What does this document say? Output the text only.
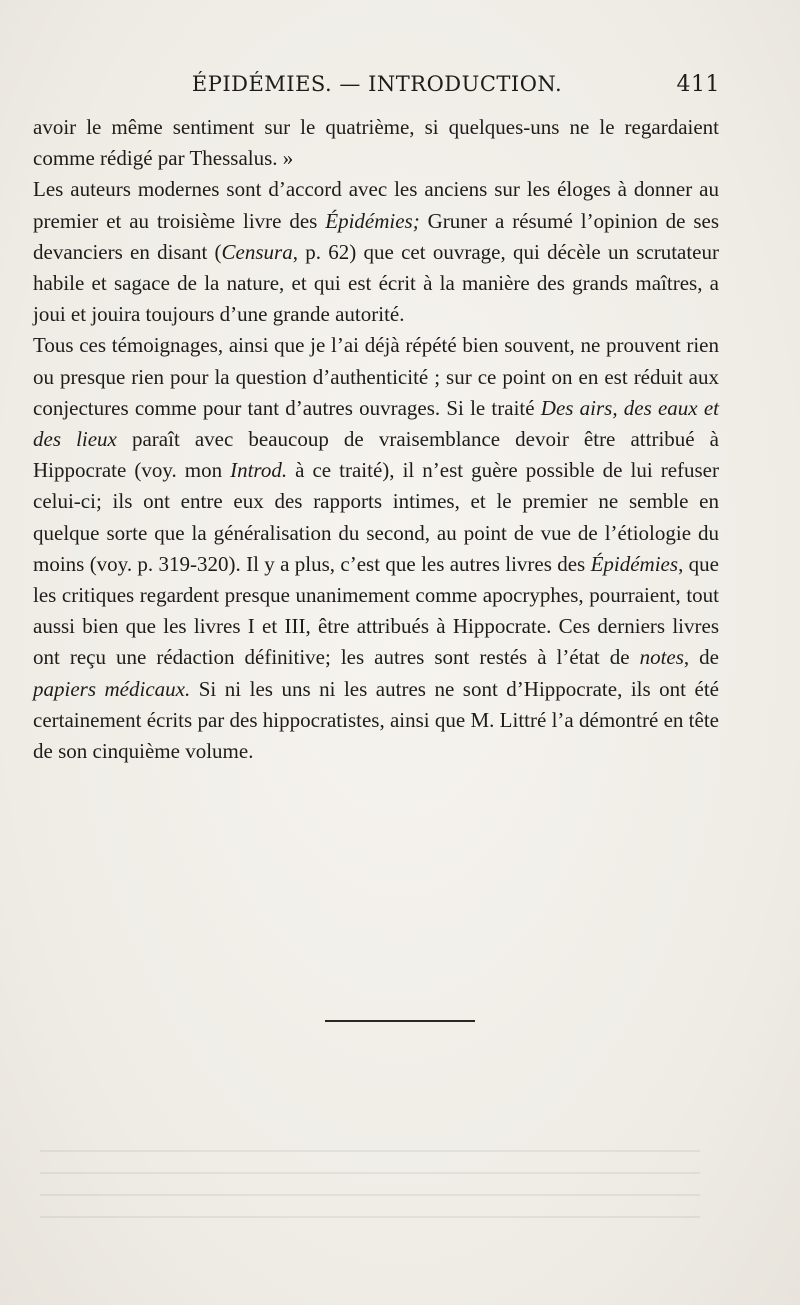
ÉPIDÉMIES. — INTRODUCTION.	411

avoir le même sentiment sur le quatrième, si quelques-uns ne le regardaient comme rédigé par Thessalus. »

Les auteurs modernes sont d’accord avec les anciens sur les éloges à donner au premier et au troisième livre des Épidémies; Gruner a résumé l’opinion de ses devanciers en disant (Censura, p. 62) que cet ouvrage, qui décèle un scrutateur habile et sagace de la nature, et qui est écrit à la manière des grands maîtres, a joui et jouira toujours d’une grande autorité.

Tous ces témoignages, ainsi que je l’ai déjà répété bien souvent, ne prouvent rien ou presque rien pour la question d’authenticité ; sur ce point on en est réduit aux conjectures comme pour tant d’autres ouvrages. Si le traité Des airs, des eaux et des lieux paraît avec beaucoup de vraisemblance devoir être attribué à Hippocrate (voy. mon Introd. à ce traité), il n’est guère possible de lui refuser celui-ci; ils ont entre eux des rapports intimes, et le premier ne semble en quelque sorte que la généralisation du second, au point de vue de l’étiologie du moins (voy. p. 319-320). Il y a plus, c’est que les autres livres des Épidémies, que les critiques regardent presque unanimement comme apocryphes, pourraient, tout aussi bien que les livres I et III, être attribués à Hippocrate. Ces derniers livres ont reçu une rédaction définitive; les autres sont restés à l’état de notes, de papiers médicaux. Si ni les uns ni les autres ne sont d’Hippocrate, ils ont été certainement écrits par des hippocratistes, ainsi que M. Littré l’a démontré en tête de son cinquième volume.
